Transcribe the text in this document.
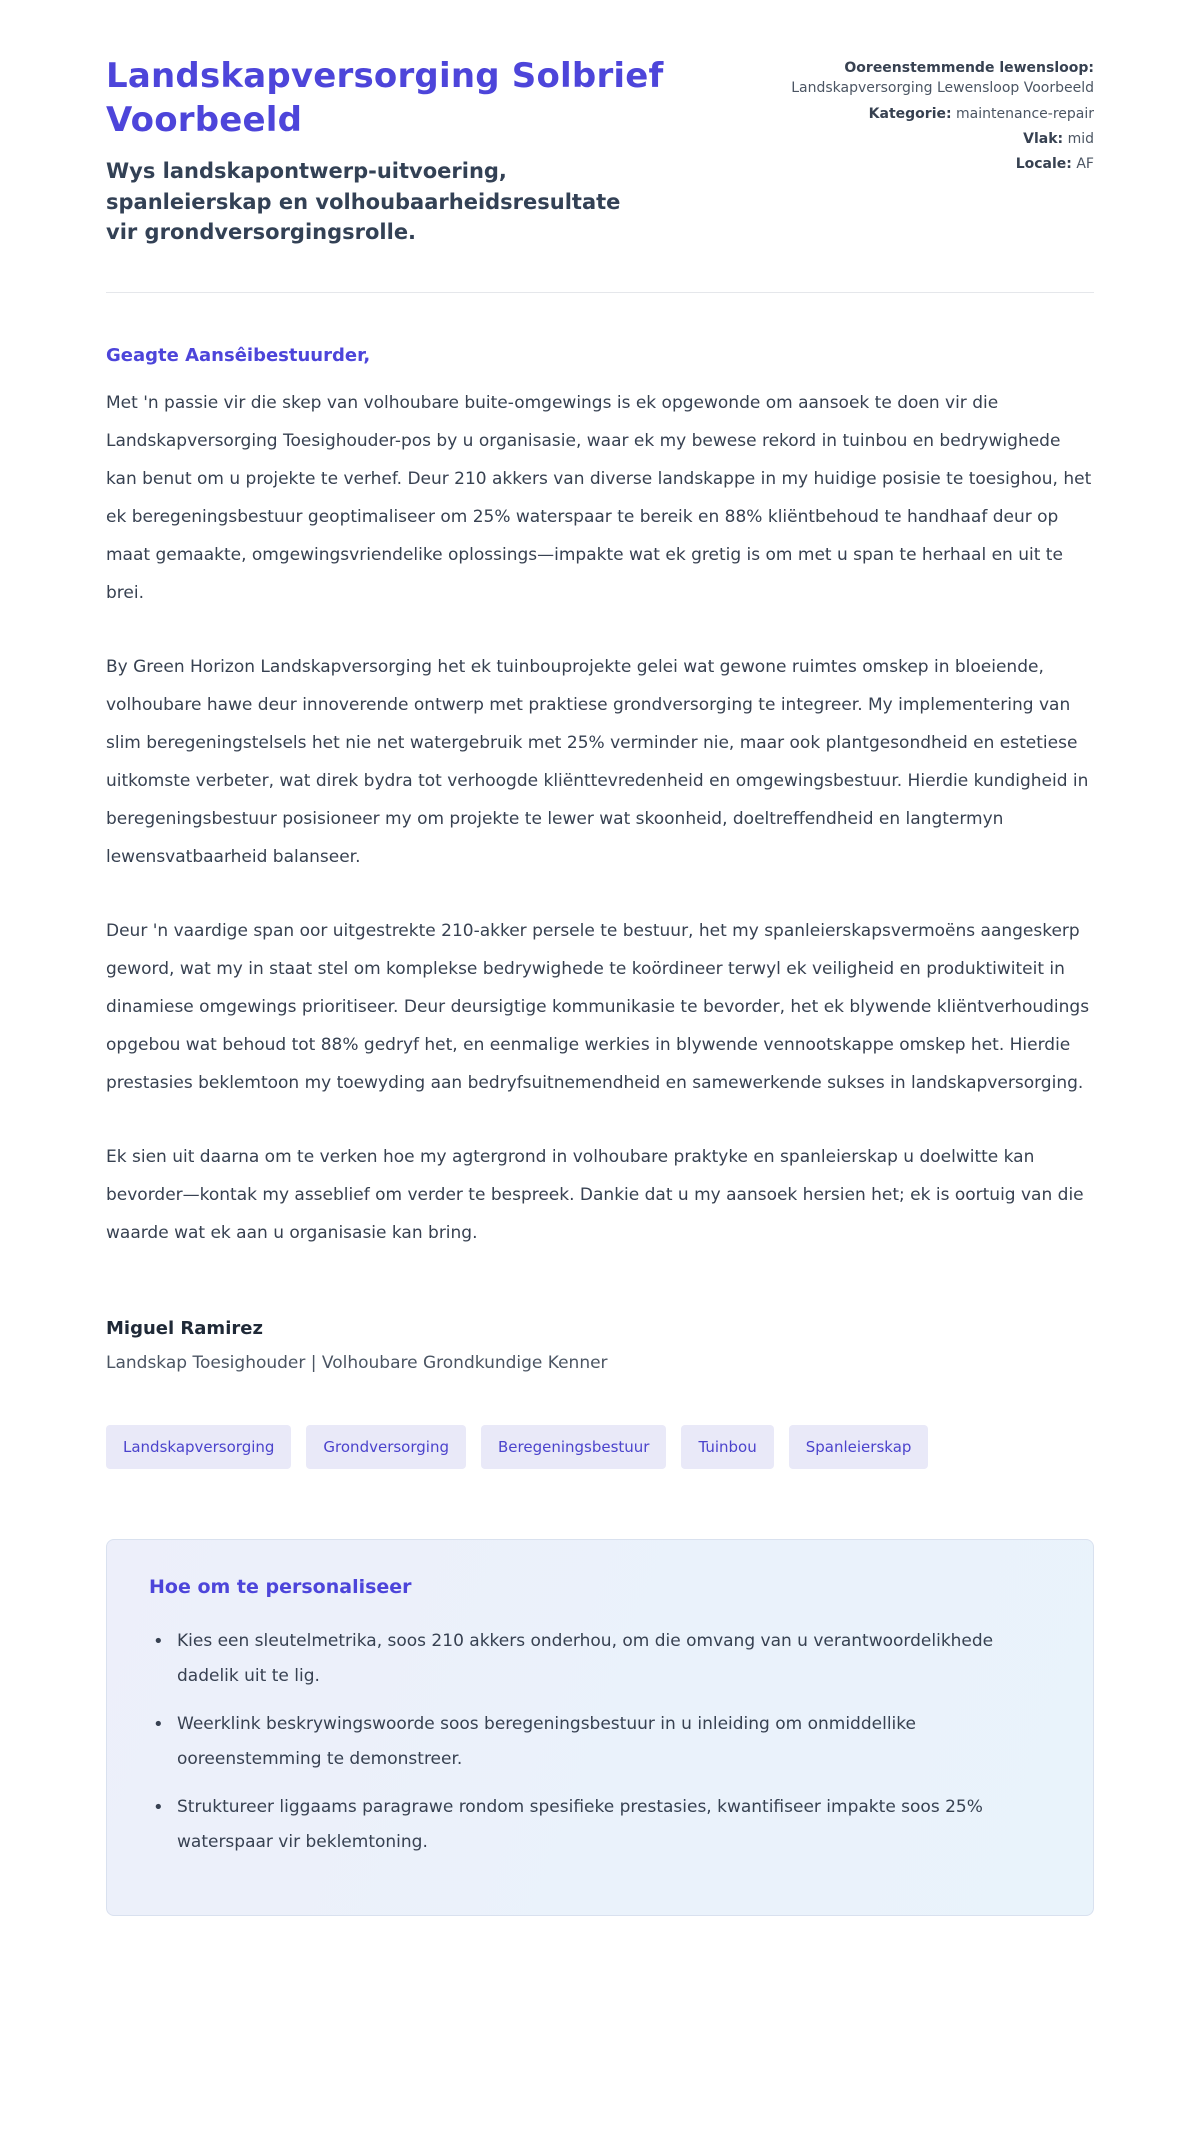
Landskapversorging Solbrief Voorbeeld
Wys landskapontwerp-uitvoering, spanleierskap en volhoubaarheidsresultate vir grondversorgingsrolle.
Ooreenstemmende lewensloop: Landskapversorging Lewensloop Voorbeeld
Kategorie: maintenance-repair
Vlak: mid
Locale: AF
Geagte Aansêibestuurder,

Met 'n passie vir die skep van volhoubare buite-omgewings is ek opgewonde om aansoek te doen vir die Landskapversorging Toesighouder-pos by u organisasie, waar ek my bewese rekord in tuinbou en bedrywighede kan benut om u projekte te verhef. Deur 210 akkers van diverse landskappe in my huidige posisie te toesighou, het ek beregeningsbestuur geoptimaliseer om 25% waterspaar te bereik en 88% kliëntbehoud te handhaaf deur op maat gemaakte, omgewingsvriendelike oplossings—impakte wat ek gretig is om met u span te herhaal en uit te brei.

By Green Horizon Landskapversorging het ek tuinbouprojekte gelei wat gewone ruimtes omskep in bloeiende, volhoubare hawe deur innoverende ontwerp met praktiese grondversorging te integreer. My implementering van slim beregeningstelsels het nie net watergebruik met 25% verminder nie, maar ook plantgesondheid en estetiese uitkomste verbeter, wat direk bydra tot verhoogde kliënttevredenheid en omgewingsbestuur. Hierdie kundigheid in beregeningsbestuur posisioneer my om projekte te lewer wat skoonheid, doeltreffendheid en langtermyn lewensvatbaarheid balanseer.

Deur 'n vaardige span oor uitgestrekte 210-akker persele te bestuur, het my spanleierskapsvermoëns aangeskerp geword, wat my in staat stel om komplekse bedrywighede te koördineer terwyl ek veiligheid en produktiwiteit in dinamiese omgewings prioritiseer. Deur deursigtige kommunikasie te bevorder, het ek blywende kliëntverhoudings opgebou wat behoud tot 88% gedryf het, en eenmalige werkies in blywende vennootskappe omskep het. Hierdie prestasies beklemtoon my toewyding aan bedryfsuitnemendheid en samewerkende sukses in landskapversorging.

Ek sien uit daarna om te verken hoe my agtergrond in volhoubare praktyke en spanleierskap u doelwitte kan bevorder—kontak my asseblief om verder te bespreek. Dankie dat u my aansoek hersien het; ek is oortuig van die waarde wat ek aan u organisasie kan bring.

Miguel Ramirez
Landskap Toesighouder | Volhoubare Grondkundige Kenner
Landskapversorging	Grondversorging	Beregeningsbestuur	Tuinbou	Spanleierskap
Hoe om te personaliseer
• Kies een sleutelmetrika, soos 210 akkers onderhou, om die omvang van u verantwoordelikhede dadelik uit te lig.
• Weerklink beskrywingswoorde soos beregeningsbestuur in u inleiding om onmiddellike ooreenstemming te demonstreer.
• Struktureer liggaams paragrawe rondom spesifieke prestasies, kwantifiseer impakte soos 25% waterspaar vir beklemtoning.
